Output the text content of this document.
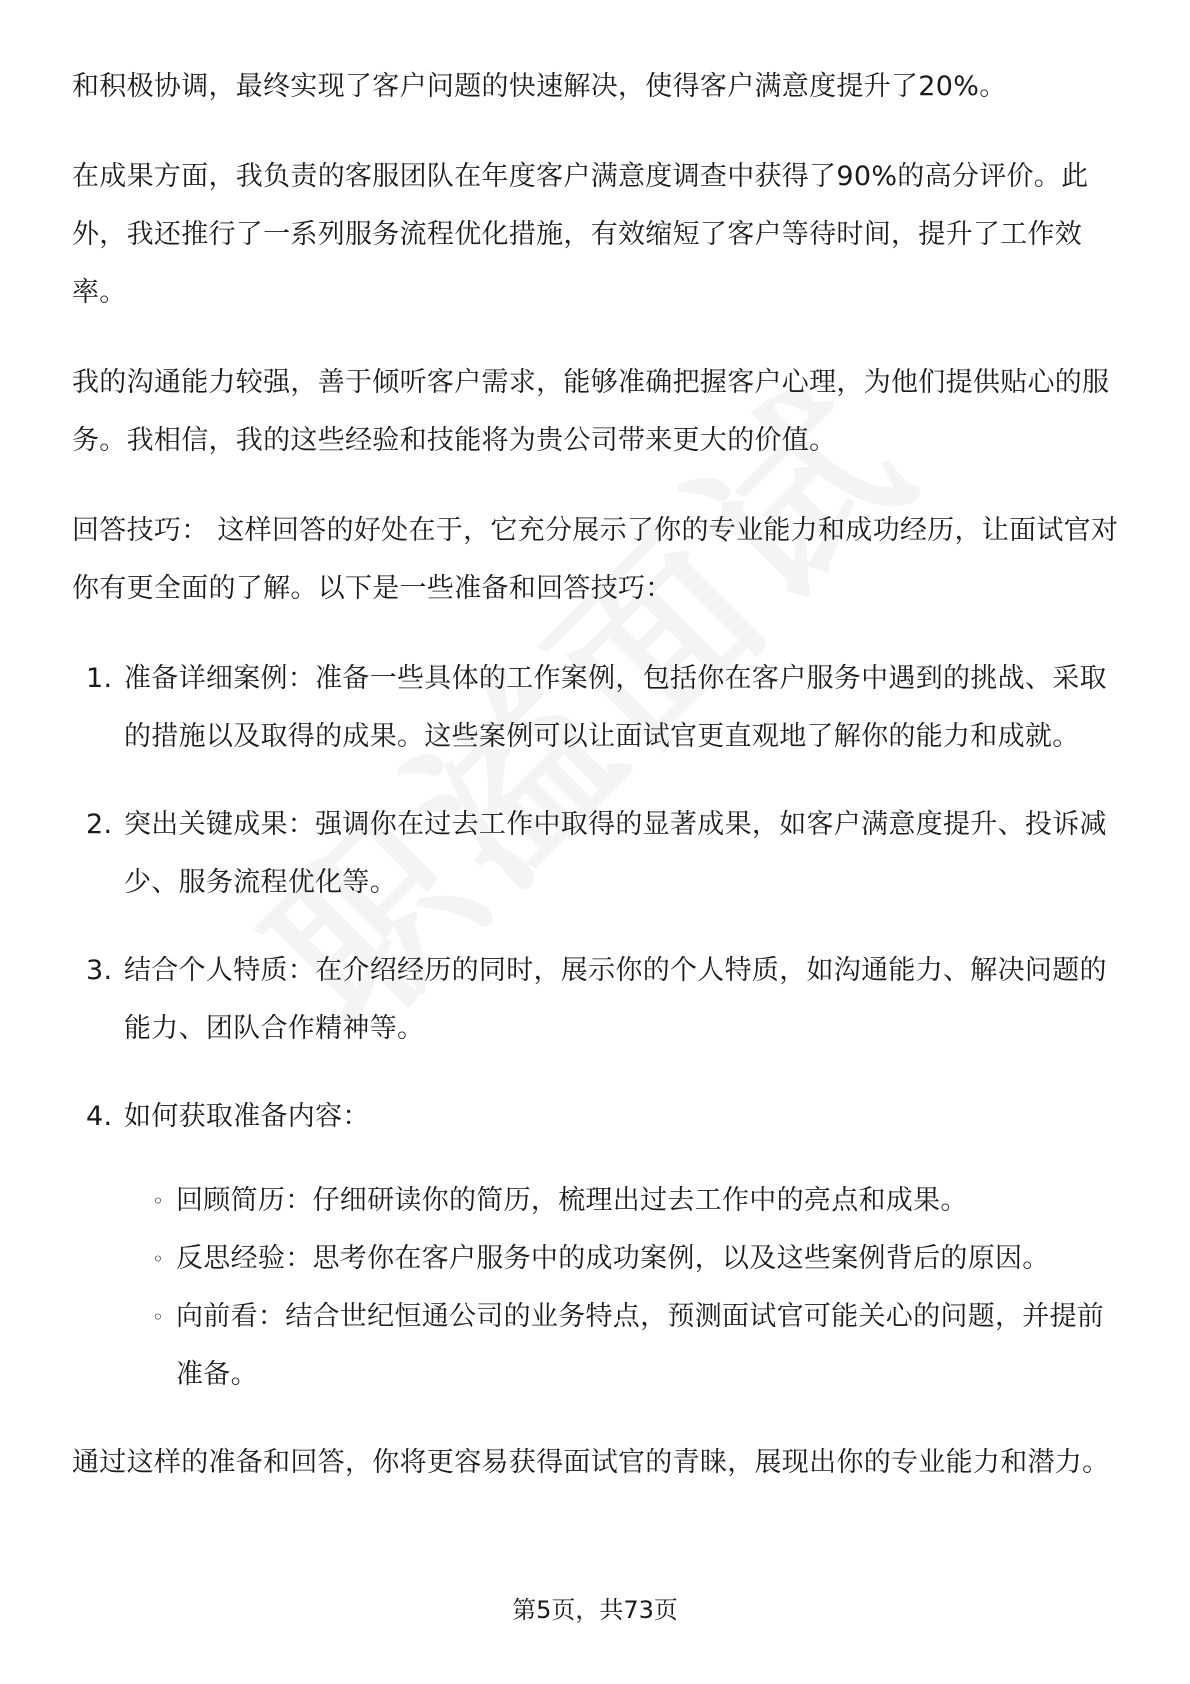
和积极协调，最终实现了客户问题的快速解决，使得客户满意度提升了20%。

在成果方面，我负责的客服团队在年度客户满意度调查中获得了90%的高分评价。此外，我还推行了一系列服务流程优化措施，有效缩短了客户等待时间，提升了工作效率。

我的沟通能力较强，善于倾听客户需求，能够准确把握客户心理，为他们提供贴心的服务。我相信，我的这些经验和技能将为贵公司带来更大的价值。

回答技巧： 这样回答的好处在于，它充分展示了你的专业能力和成功经历，让面试官对你有更全面的了解。以下是一些准备和回答技巧：

1. 准备详细案例：准备一些具体的工作案例，包括你在客户服务中遇到的挑战、采取的措施以及取得的成果。这些案例可以让面试官更直观地了解你的能力和成就。
2. 突出关键成果：强调你在过去工作中取得的显著成果，如客户满意度提升、投诉减少、服务流程优化等。
3. 结合个人特质：在介绍经历的同时，展示你的个人特质，如沟通能力、解决问题的能力、团队合作精神等。
4. 如何获取准备内容：
◦ 回顾简历：仔细研读你的简历，梳理出过去工作中的亮点和成果。
◦ 反思经验：思考你在客户服务中的成功案例，以及这些案例背后的原因。
◦ 向前看：结合世纪恒通公司的业务特点，预测面试官可能关心的问题，并提前准备。

通过这样的准备和回答，你将更容易获得面试官的青睐，展现出你的专业能力和潜力。

第5页，共73页
